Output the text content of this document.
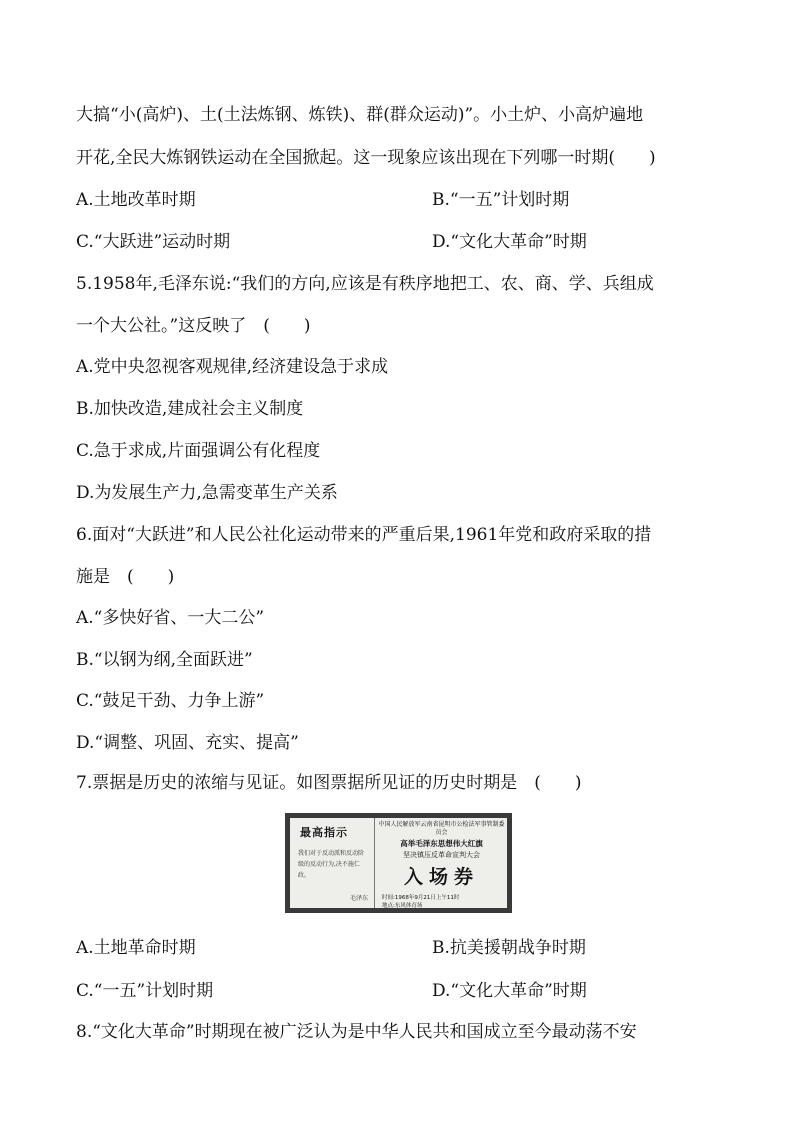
大搞“小(高炉)、土(土法炼钢、炼铁)、群(群众运动)”。小土炉、小高炉遍地
开花,全民大炼钢铁运动在全国掀起。这一现象应该出现在下列哪一时期(　　)
A.土地改革时期	B.“一五”计划时期
C.“大跃进”运动时期	D.“文化大革命”时期
5.1958年,毛泽东说:“我们的方向,应该是有秩序地把工、农、商、学、兵组成
一个大公社。”这反映了　(　　)
A.党中央忽视客观规律,经济建设急于求成
B.加快改造,建成社会主义制度
C.急于求成,片面强调公有化程度
D.为发展生产力,急需变革生产关系
6.面对“大跃进”和人民公社化运动带来的严重后果,1961年党和政府采取的措
施是　(　　)
A.“多快好省、一大二公”
B.“以钢为纲,全面跃进”
C.“鼓足干劲、力争上游”
D.“调整、巩固、充实、提高”
7.票据是历史的浓缩与见证。如图票据所见证的历史时期是　(　　)
最高指示
我们对于反动派和反动阶级的反动行为,决不施仁政。
毛泽东
中国人民解放军云南省昆明市公检法军事管制委员会
高举毛泽东思想伟大红旗
坚决镇压反革命宣判大会
入场券
时间:1968年9月21日上午11时
地点:东风体育场
A.土地革命时期	B.抗美援朝战争时期
C.“一五”计划时期	D.“文化大革命”时期
8.“文化大革命”时期现在被广泛认为是中华人民共和国成立至今最动荡不安
